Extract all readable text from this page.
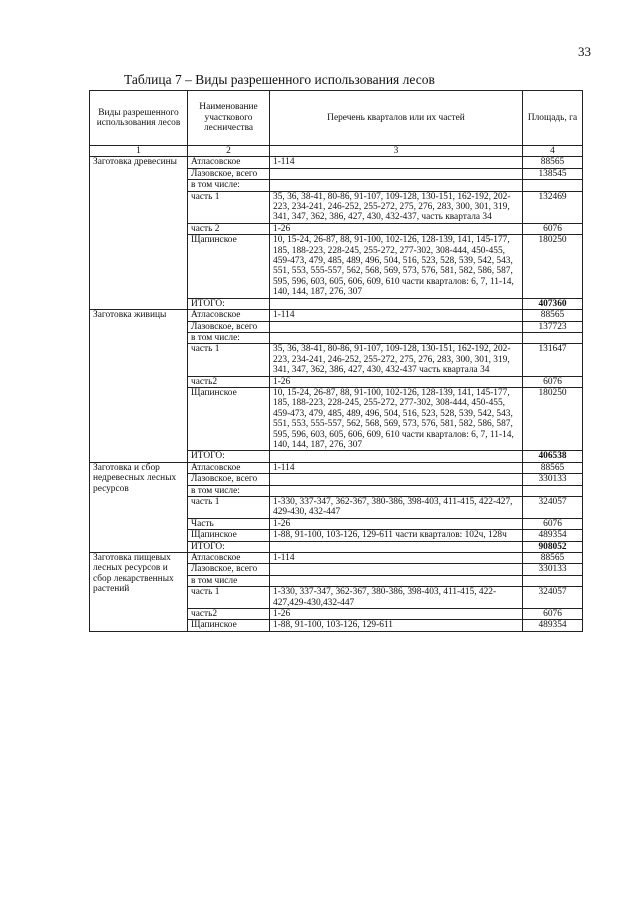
33
Таблица 7 – Виды разрешенного использования лесов
Виды разрешенного использования лесов	Наименование участкового лесничества	Перечень кварталов или их частей	Площадь, га
1	2	3	4
Заготовка древесины	Атласовское	1-114	88565
	Лазовское, всего		138545
	в том числе:		
	часть 1	35, 36, 38-41, 80-86, 91-107, 109-128, 130-151, 162-192, 202-223, 234-241, 246-252, 255-272, 275, 276, 283, 300, 301, 319, 341, 347, 362, 386, 427, 430, 432-437, часть квартала 34	132469
	часть 2	1-26	6076
	Щапинское	10, 15-24, 26-87, 88, 91-100, 102-126, 128-139, 141, 145-177, 185, 188-223, 228-245, 255-272, 277-302, 308-444, 450-455, 459-473, 479, 485, 489, 496, 504, 516, 523, 528, 539, 542, 543, 551, 553, 555-557, 562, 568, 569, 573, 576, 581, 582, 586, 587, 595, 596, 603, 605, 606, 609, 610 части кварталов: 6, 7, 11-14, 140, 144, 187, 276, 307	180250
	ИТОГО:		407360
Заготовка живицы	Атласовское	1-114	88565
	Лазовское, всего		137723
	в том числе:		
	часть 1	35, 36, 38-41, 80-86, 91-107, 109-128, 130-151, 162-192, 202-223, 234-241, 246-252, 255-272, 275, 276, 283, 300, 301, 319, 341, 347, 362, 386, 427, 430, 432-437 часть квартала 34	131647
	часть2	1-26	6076
	Щапинское	10, 15-24, 26-87, 88, 91-100, 102-126, 128-139, 141, 145-177, 185, 188-223, 228-245, 255-272, 277-302, 308-444, 450-455, 459-473, 479, 485, 489, 496, 504, 516, 523, 528, 539, 542, 543, 551, 553, 555-557, 562, 568, 569, 573, 576, 581, 582, 586, 587, 595, 596, 603, 605, 606, 609, 610 части кварталов: 6, 7, 11-14, 140, 144, 187, 276, 307	180250
	ИТОГО:		406538
Заготовка и сбор недревесных лесных ресурсов	Атласовское	1-114	88565
	Лазовское, всего		330133
	в том числе:		
	часть 1	1-330, 337-347, 362-367, 380-386, 398-403, 411-415, 422-427, 429-430, 432-447	324057
	Часть	1-26	6076
	Щапинское	1-88, 91-100, 103-126, 129-611 части кварталов: 102ч, 128ч	489354
	ИТОГО:		908052
Заготовка пищевых лесных ресурсов и сбор лекарственных растений	Атласовское	1-114	88565
	Лазовское, всего		330133
	в том числе		
	часть 1	1-330, 337-347, 362-367, 380-386, 398-403, 411-415, 422-427,429-430,432-447	324057
	часть2	1-26	6076
	Щапинское	1-88, 91-100, 103-126, 129-611	489354
